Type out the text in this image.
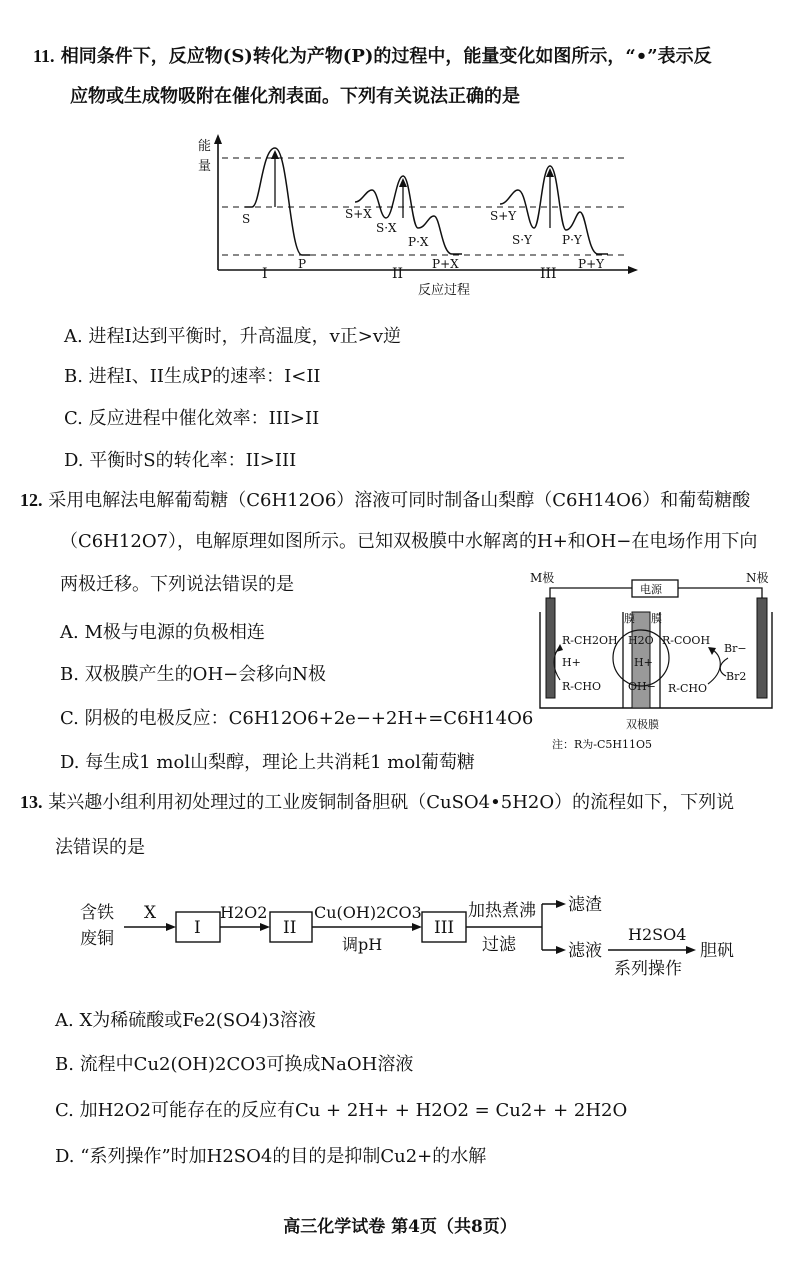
11. 相同条件下，反应物(S)转化为产物(P)的过程中，能量变化如图所示，“•”表示反
应物或生成物吸附在催化剂表面。下列有关说法正确的是
能
量
S
P
S+X
S·X
P·X
P+X
S+Y
S·Y	P·Y
P+Y
I	II	III
反应过程
A. 进程I达到平衡时，升高温度，v正>v逆
B. 进程I、II生成P的速率：I<II
C. 反应进程中催化效率：III>II
D. 平衡时S的转化率：II>III
12. 采用电解法电解葡萄糖（C6H12O6）溶液可同时制备山梨醇（C6H14O6）和葡萄糖酸
（C6H12O7），电解原理如图所示。已知双极膜中水解离的H+和OH−在电场作用下向
两极迁移。下列说法错误的是	M极	N极
电源
膜 膜
R-CH2OH
H+
R-CHO
H2O
H+
OH−
R-COOH
R-CHO
Br−
Br2
双极膜
注：R为-C5H11O5
A. M极与电源的负极相连
B. 双极膜产生的OH−会移向N极
C. 阴极的电极反应：C6H12O6+2e−+2H+=C6H14O6
D. 每生成1 mol山梨醇，理论上共消耗1 mol葡萄糖
13. 某兴趣小组利用初处理过的工业废铜制备胆矾（CuSO4•5H2O）的流程如下，下列说
法错误的是
含铁
废铜
X
I
H2O2
II
Cu(OH)2CO3
调pH
III
加热煮沸
过滤
滤渣
滤液
H2SO4
系列操作
胆矾
A. X为稀硫酸或Fe2(SO4)3溶液
B. 流程中Cu2(OH)2CO3可换成NaOH溶液
C. 加H2O2可能存在的反应有Cu + 2H+ + H2O2 = Cu2+ + 2H2O
D. “系列操作”时加H2SO4的目的是抑制Cu2+的水解
高三化学试卷 第4页（共8页）
